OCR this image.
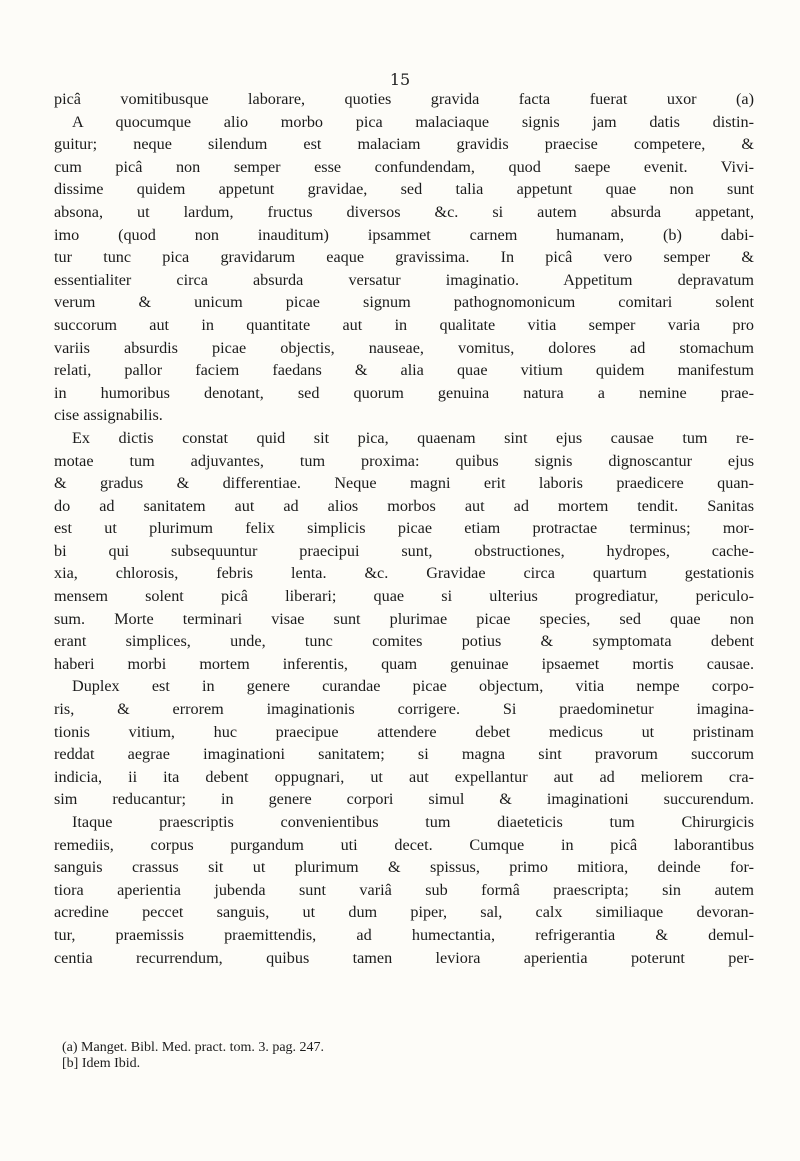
15
picâ vomitibusque laborare, quoties gravida facta fuerat uxor (a)
A quocumque alio morbo pica malaciaque signis jam datis distin-
guitur; neque silendum est malaciam gravidis praecise competere, &
cum picâ non semper esse confundendam, quod saepe evenit. Vivi-
dissime quidem appetunt gravidae, sed talia appetunt quae non sunt
absona, ut lardum, fructus diversos &c. si autem absurda appetant,
imo (quod non inauditum) ipsammet carnem humanam, (b) dabi-
tur tunc pica gravidarum eaque gravissima. In picâ vero semper &
essentialiter circa absurda versatur imaginatio. Appetitum depravatum
verum & unicum picae signum pathognomonicum comitari solent
succorum aut in quantitate aut in qualitate vitia semper varia pro
variis absurdis picae objectis, nauseae, vomitus, dolores ad stomachum
relati, pallor faciem faedans & alia quae vitium quidem manifestum
in humoribus denotant, sed quorum genuina natura a nemine prae-
cise assignabilis.
Ex dictis constat quid sit pica, quaenam sint ejus causae tum re-
motae tum adjuvantes, tum proxima: quibus signis dignoscantur ejus
& gradus & differentiae. Neque magni erit laboris praedicere quan-
do ad sanitatem aut ad alios morbos aut ad mortem tendit. Sanitas
est ut plurimum felix simplicis picae etiam protractae terminus; mor-
bi qui subsequuntur praecipui sunt, obstructiones, hydropes, cache-
xia, chlorosis, febris lenta. &c. Gravidae circa quartum gestationis
mensem solent picâ liberari; quae si ulterius progrediatur, periculo-
sum. Morte terminari visae sunt plurimae picae species, sed quae non
erant simplices, unde, tunc comites potius & symptomata debent
haberi morbi mortem inferentis, quam genuinae ipsaemet mortis causae.
Duplex est in genere curandae picae objectum, vitia nempe corpo-
ris, & errorem imaginationis corrigere. Si praedominetur imagina-
tionis vitium, huc praecipue attendere debet medicus ut pristinam
reddat aegrae imaginationi sanitatem; si magna sint pravorum succorum
indicia, ii ita debent oppugnari, ut aut expellantur aut ad meliorem cra-
sim reducantur; in genere corpori simul & imaginationi succurendum.
Itaque praescriptis convenientibus tum diaeteticis tum Chirurgicis
remediis, corpus purgandum uti decet. Cumque in picâ laborantibus
sanguis crassus sit ut plurimum & spissus, primo mitiora, deinde for-
tiora aperientia jubenda sunt variâ sub formâ praescripta; sin autem
acredine peccet sanguis, ut dum piper, sal, calx similiaque devoran-
tur, praemissis praemittendis, ad humectantia, refrigerantia & demul-
centia recurrendum, quibus tamen leviora aperientia poterunt per-
(a) Manget. Bibl. Med. pract. tom. 3. pag. 247.
[b] Idem Ibid.
